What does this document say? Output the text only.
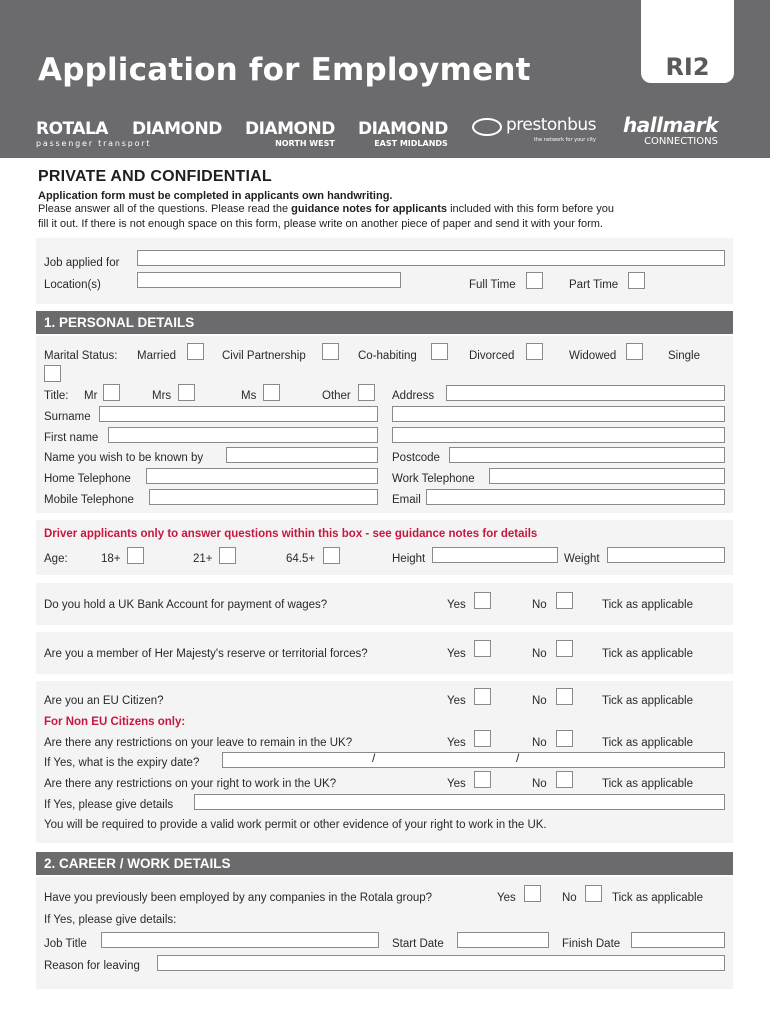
Application for Employment	RI2
ROTALA
passenger transport
DIAMOND DIAMOND
NORTH WEST
DIAMOND
EAST MIDLANDS
prestonbus
the network for your city
hallmark
CONNECTIONS
PRIVATE AND CONFIDENTIAL
Application form must be completed in applicants own handwriting.
Please answer all of the questions. Please read the guidance notes for applicants included with this form before you
fill it out. If there is not enough space on this form, please write on another piece of paper and send it with your form.
Job applied for
Location(s)	Full Time	Part Time
1. PERSONAL DETAILS
Marital Status: Married	Civil Partnership	Co-habiting	Divorced	Widowed	Single
Title: Mr	Mrs	Ms	Other	Address
Surname
First name
Name you wish to be known by	Postcode
Home Telephone	Work Telephone
Mobile Telephone	Email
Driver applicants only to answer questions within this box - see guidance notes for details
Age:	18+	21+	64.5+	Height	Weight
Do you hold a UK Bank Account for payment of wages?	Yes	No	Tick as applicable
Are you a member of Her Majesty's reserve or territorial forces?	Yes	No	Tick as applicable
Are you an EU Citizen?	Yes	No	Tick as applicable
For Non EU Citizens only:
Are there any restrictions on your leave to remain in the UK?	Yes	No	Tick as applicable
If Yes, what is the expiry date?	/	/
Are there any restrictions on your right to work in the UK?	Yes	No	Tick as applicable
If Yes, please give details
You will be required to provide a valid work permit or other evidence of your right to work in the UK.
2. CAREER / WORK DETAILS
Have you previously been employed by any companies in the Rotala group?	Yes	No	Tick as applicable
If Yes, please give details:
Job Title	Start Date	Finish Date
Reason for leaving
